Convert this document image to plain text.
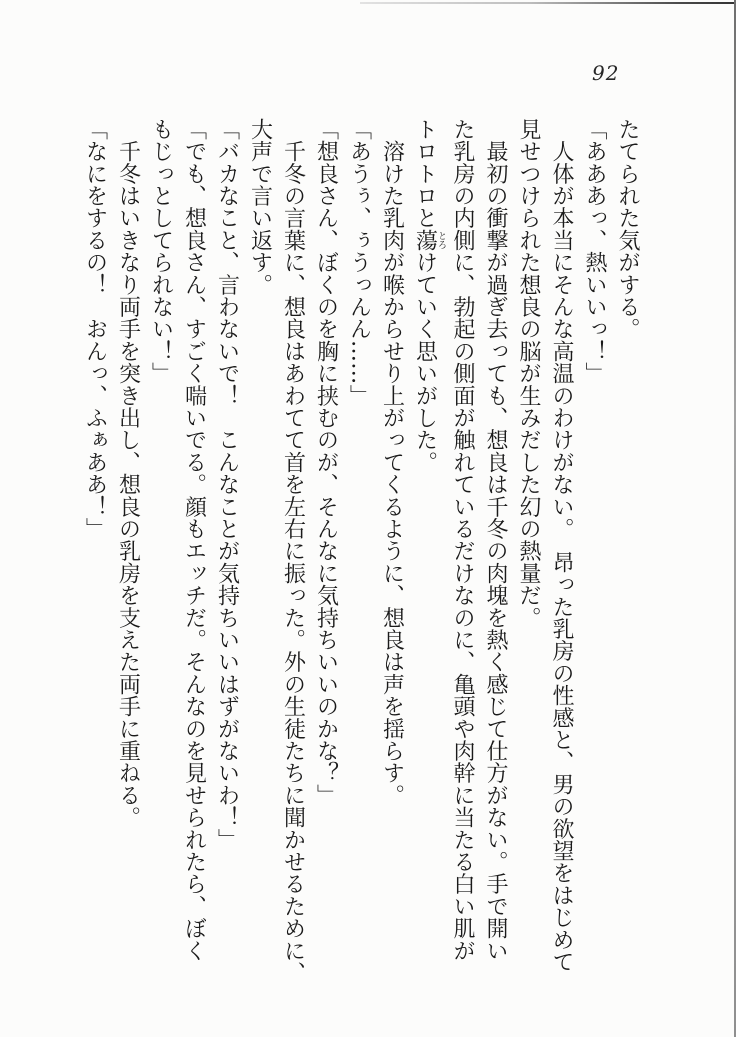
92
たてられた気がする。
「あああっ、熱いいっ！」
　人体が本当にそんな高温のわけがない。　昂った乳房の性感と、男の欲望をはじめて
見せつけられた想良の脳が生みだした幻の熱量だ。
　最初の衝撃が過ぎ去っても、想良は千冬の肉塊を熱く感じて仕方がない。手で開い
た乳房の内側に、勃起の側面が触れているだけなのに、亀頭や肉幹に当たる白い肌が
トロトロと蕩とろけていく思いがした。
　溶けた乳肉が喉からせり上がってくるように、想良は声を揺らす。
「あうぅ、ぅうっんん……」
「想良さん、ぼくのを胸に挟むのが、そんなに気持ちいいのかな？」
　千冬の言葉に、想良はあわてて首を左右に振った。外の生徒たちに聞かせるために、
大声で言い返す。
「バカなこと、言わないで！　こんなことが気持ちいいはずがないわ！」
「でも、想良さん、すごく喘いでる。顔もエッチだ。そんなのを見せられたら、ぼく
もじっとしてられない！」
　千冬はいきなり両手を突き出し、想良の乳房を支えた両手に重ねる。
「なにをするの！　おんっ、ふぁああ！」
